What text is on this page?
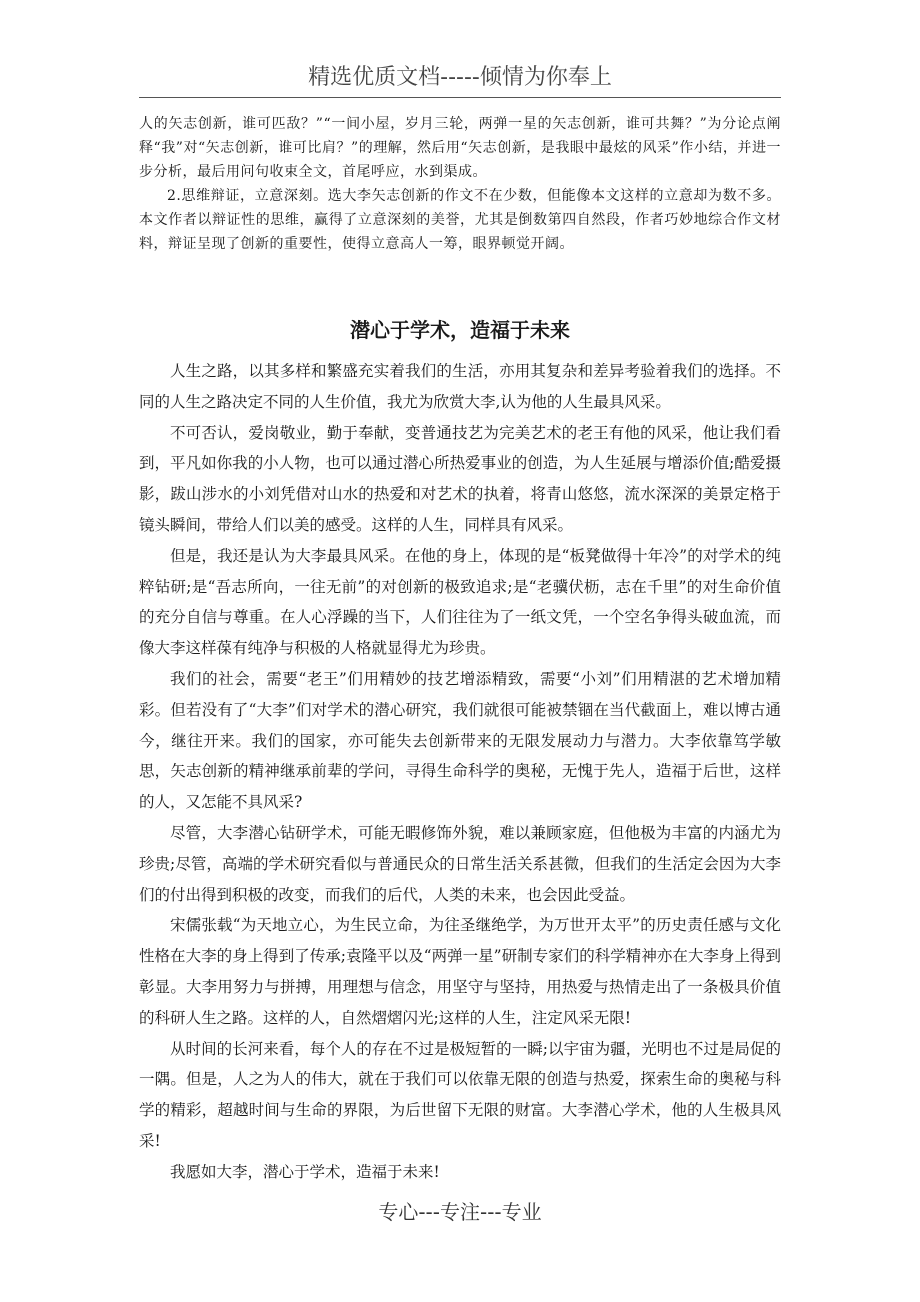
精选优质文档-----倾情为你奉上

人的矢志创新，谁可匹敌？”“一间小屋，岁月三轮，两弹一星的矢志创新，谁可共舞？”为分论点阐释“我”对“矢志创新，谁可比肩？”的理解，然后用“矢志创新，是我眼中最炫的风采”作小结，并进一步分析，最后用问句收束全文，首尾呼应，水到渠成。

2.思维辩证，立意深刻。选大李矢志创新的作文不在少数，但能像本文这样的立意却为数不多。本文作者以辩证性的思维，赢得了立意深刻的美誉，尤其是倒数第四自然段，作者巧妙地综合作文材料，辩证呈现了创新的重要性，使得立意高人一筹，眼界顿觉开阔。

潜心于学术，造福于未来

人生之路，以其多样和繁盛充实着我们的生活，亦用其复杂和差异考验着我们的选择。不同的人生之路决定不同的人生价值，我尤为欣赏大李,认为他的人生最具风采。

不可否认，爱岗敬业，勤于奉献，变普通技艺为完美艺术的老王有他的风采，他让我们看到，平凡如你我的小人物，也可以通过潜心所热爱事业的创造，为人生延展与增添价值;酷爱摄影，跋山涉水的小刘凭借对山水的热爱和对艺术的执着，将青山悠悠，流水深深的美景定格于镜头瞬间，带给人们以美的感受。这样的人生，同样具有风采。

但是，我还是认为大李最具风采。在他的身上，体现的是“板凳做得十年冷”的对学术的纯粹钻研;是“吾志所向，一往无前”的对创新的极致追求;是“老骥伏枥，志在千里”的对生命价值的充分自信与尊重。在人心浮躁的当下，人们往往为了一纸文凭，一个空名争得头破血流，而像大李这样葆有纯净与积极的人格就显得尤为珍贵。

我们的社会，需要“老王”们用精妙的技艺增添精致，需要“小刘”们用精湛的艺术增加精彩。但若没有了“大李”们对学术的潜心研究，我们就很可能被禁锢在当代截面上，难以博古通今，继往开来。我们的国家，亦可能失去创新带来的无限发展动力与潜力。大李依靠笃学敏思，矢志创新的精神继承前辈的学问，寻得生命科学的奥秘，无愧于先人，造福于后世，这样的人，又怎能不具风采?

尽管，大李潜心钻研学术，可能无暇修饰外貌，难以兼顾家庭，但他极为丰富的内涵尤为珍贵;尽管，高端的学术研究看似与普通民众的日常生活关系甚微，但我们的生活定会因为大李们的付出得到积极的改变，而我们的后代，人类的未来，也会因此受益。

宋儒张载“为天地立心，为生民立命，为往圣继绝学，为万世开太平”的历史责任感与文化性格在大李的身上得到了传承;袁隆平以及“两弹一星”研制专家们的科学精神亦在大李身上得到彰显。大李用努力与拼搏，用理想与信念，用坚守与坚持，用热爱与热情走出了一条极具价值的科研人生之路。这样的人，自然熠熠闪光;这样的人生，注定风采无限!

从时间的长河来看，每个人的存在不过是极短暂的一瞬;以宇宙为疆，光明也不过是局促的一隅。但是，人之为人的伟大，就在于我们可以依靠无限的创造与热爱，探索生命的奥秘与科学的精彩，超越时间与生命的界限，为后世留下无限的财富。大李潜心学术，他的人生极具风采!

我愿如大李，潜心于学术，造福于未来!

专心---专注---专业
